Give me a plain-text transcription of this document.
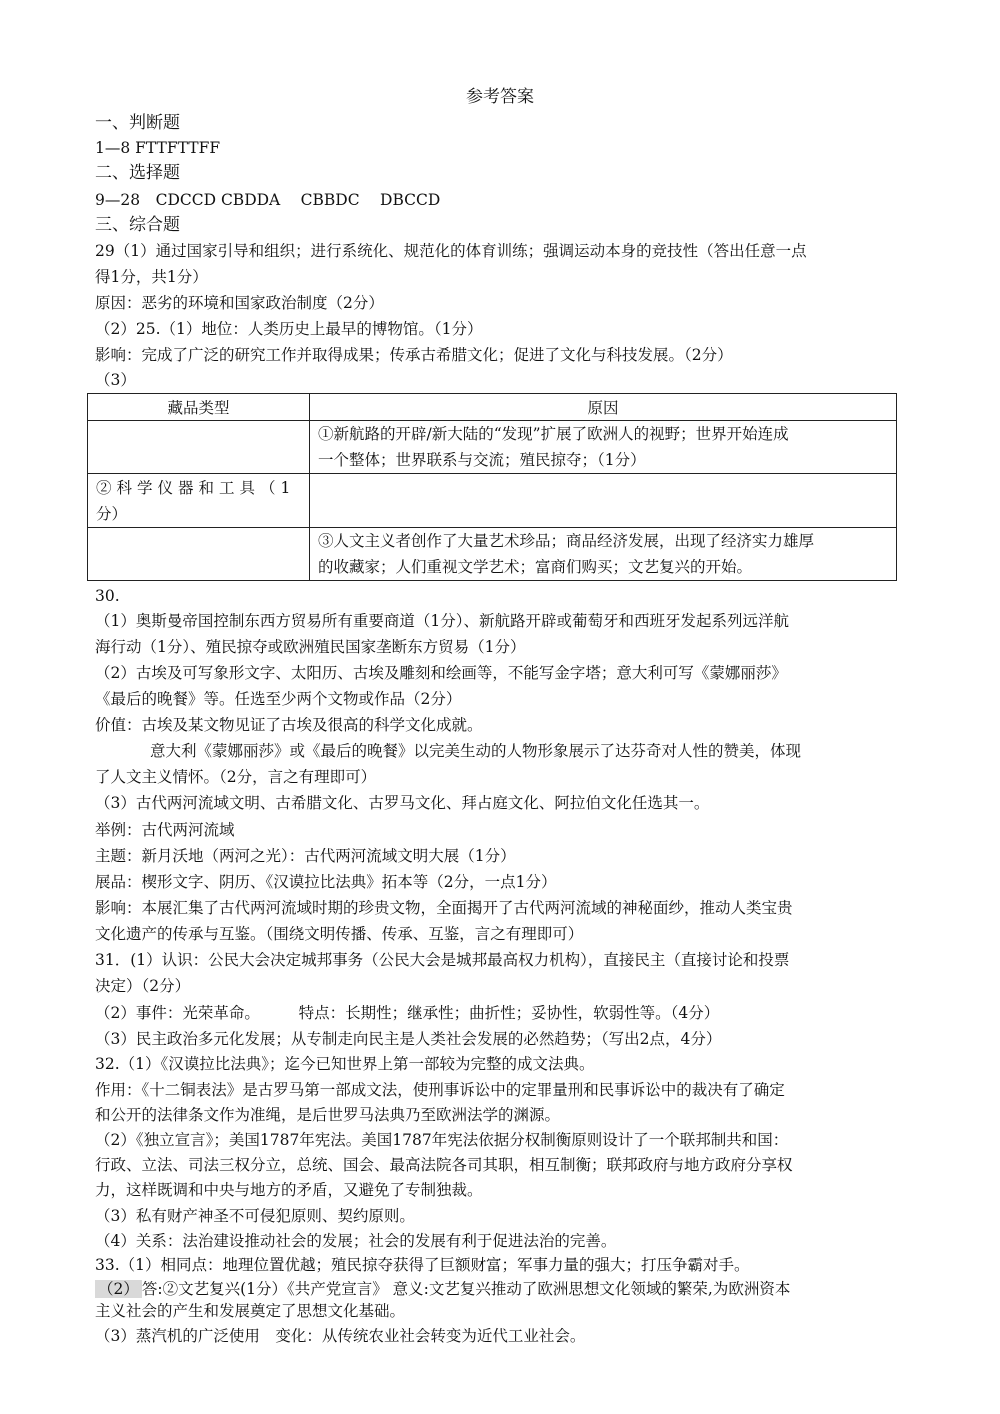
参考答案
一、判断题
1—8 FTTFTTFF
二、选择题
9—28　CDCCD CBDDA　 CBBDC　 DBCCD
三、综合题
29（1）通过国家引导和组织；进行系统化、规范化的体育训练；强调运动本身的竞技性（答出任意一点
得1分，共1分）
原因：恶劣的环境和国家政治制度（2分）
（2）25.（1）地位：人类历史上最早的博物馆。（1分）
影响：完成了广泛的研究工作并取得成果；传承古希腊文化；促进了文化与科技发展。（2分）
（3）
藏品类型	原因

	①新航路的开辟/新大陆的“发现”扩展了欧洲人的视野；世界开始连成
一个整体；世界联系与交流；殖民掠夺；（1分）

②科学仪器和工具（1
分）	

	③人文主义者创作了大量艺术珍品；商品经济发展，出现了经济实力雄厚
的收藏家；人们重视文学艺术；富商们购买；文艺复兴的开始。
30.
（1）奥斯曼帝国控制东西方贸易所有重要商道（1分）、新航路开辟或葡萄牙和西班牙发起系列远洋航
海行动（1分）、殖民掠夺或欧洲殖民国家垄断东方贸易（1分）
（2）古埃及可写象形文字、太阳历、古埃及雕刻和绘画等，不能写金字塔；意大利可写《蒙娜丽莎》
《最后的晚餐》等。任选至少两个文物或作品（2分）
价值：古埃及某文物见证了古埃及很高的科学文化成就。
意大利《蒙娜丽莎》或《最后的晚餐》以完美生动的人物形象展示了达芬奇对人性的赞美，体现
了人文主义情怀。（2分，言之有理即可）
（3）古代两河流域文明、古希腊文化、古罗马文化、拜占庭文化、阿拉伯文化任选其一。
举例：古代两河流域
主题：新月沃地（两河之光）：古代两河流域文明大展（1分）
展品：楔形文字、阴历、《汉谟拉比法典》拓本等（2分，一点1分）
影响：本展汇集了古代两河流域时期的珍贵文物，全面揭开了古代两河流域的神秘面纱，推动人类宝贵
文化遗产的传承与互鉴。（围绕文明传播、传承、互鉴，言之有理即可）
31．(1）认识：公民大会决定城邦事务（公民大会是城邦最高权力机构），直接民主（直接讨论和投票
决定）（2分）
（2）事件：光荣革命。　　　特点：长期性；继承性；曲折性；妥协性，软弱性等。（4分）
（3）民主政治多元化发展；从专制走向民主是人类社会发展的必然趋势；（写出2点，4分）
32.（1）《汉谟拉比法典》；迄今已知世界上第一部较为完整的成文法典。
作用：《十二铜表法》是古罗马第一部成文法，使刑事诉讼中的定罪量刑和民事诉讼中的裁决有了确定
和公开的法律条文作为准绳，是后世罗马法典乃至欧洲法学的渊源。
（2）《独立宣言》；美国1787年宪法。美国1787年宪法依据分权制衡原则设计了一个联邦制共和国：
行政、立法、司法三权分立，总统、国会、最高法院各司其职，相互制衡；联邦政府与地方政府分享权
力，这样既调和中央与地方的矛盾，又避免了专制独裁。
（3）私有财产神圣不可侵犯原则、契约原则。
（4）关系：法治建设推动社会的发展；社会的发展有利于促进法治的完善。
33.（1）相同点：地理位置优越；殖民掠夺获得了巨额财富；军事力量的强大；打压争霸对手。
（2） 答:②文艺复兴(1分）《共产党宣言》 意义:文艺复兴推动了欧洲思想文化领域的繁荣,为欧洲资本
主义社会的产生和发展奠定了思想文化基础。
（3）蒸汽机的广泛使用　变化：从传统农业社会转变为近代工业社会。
